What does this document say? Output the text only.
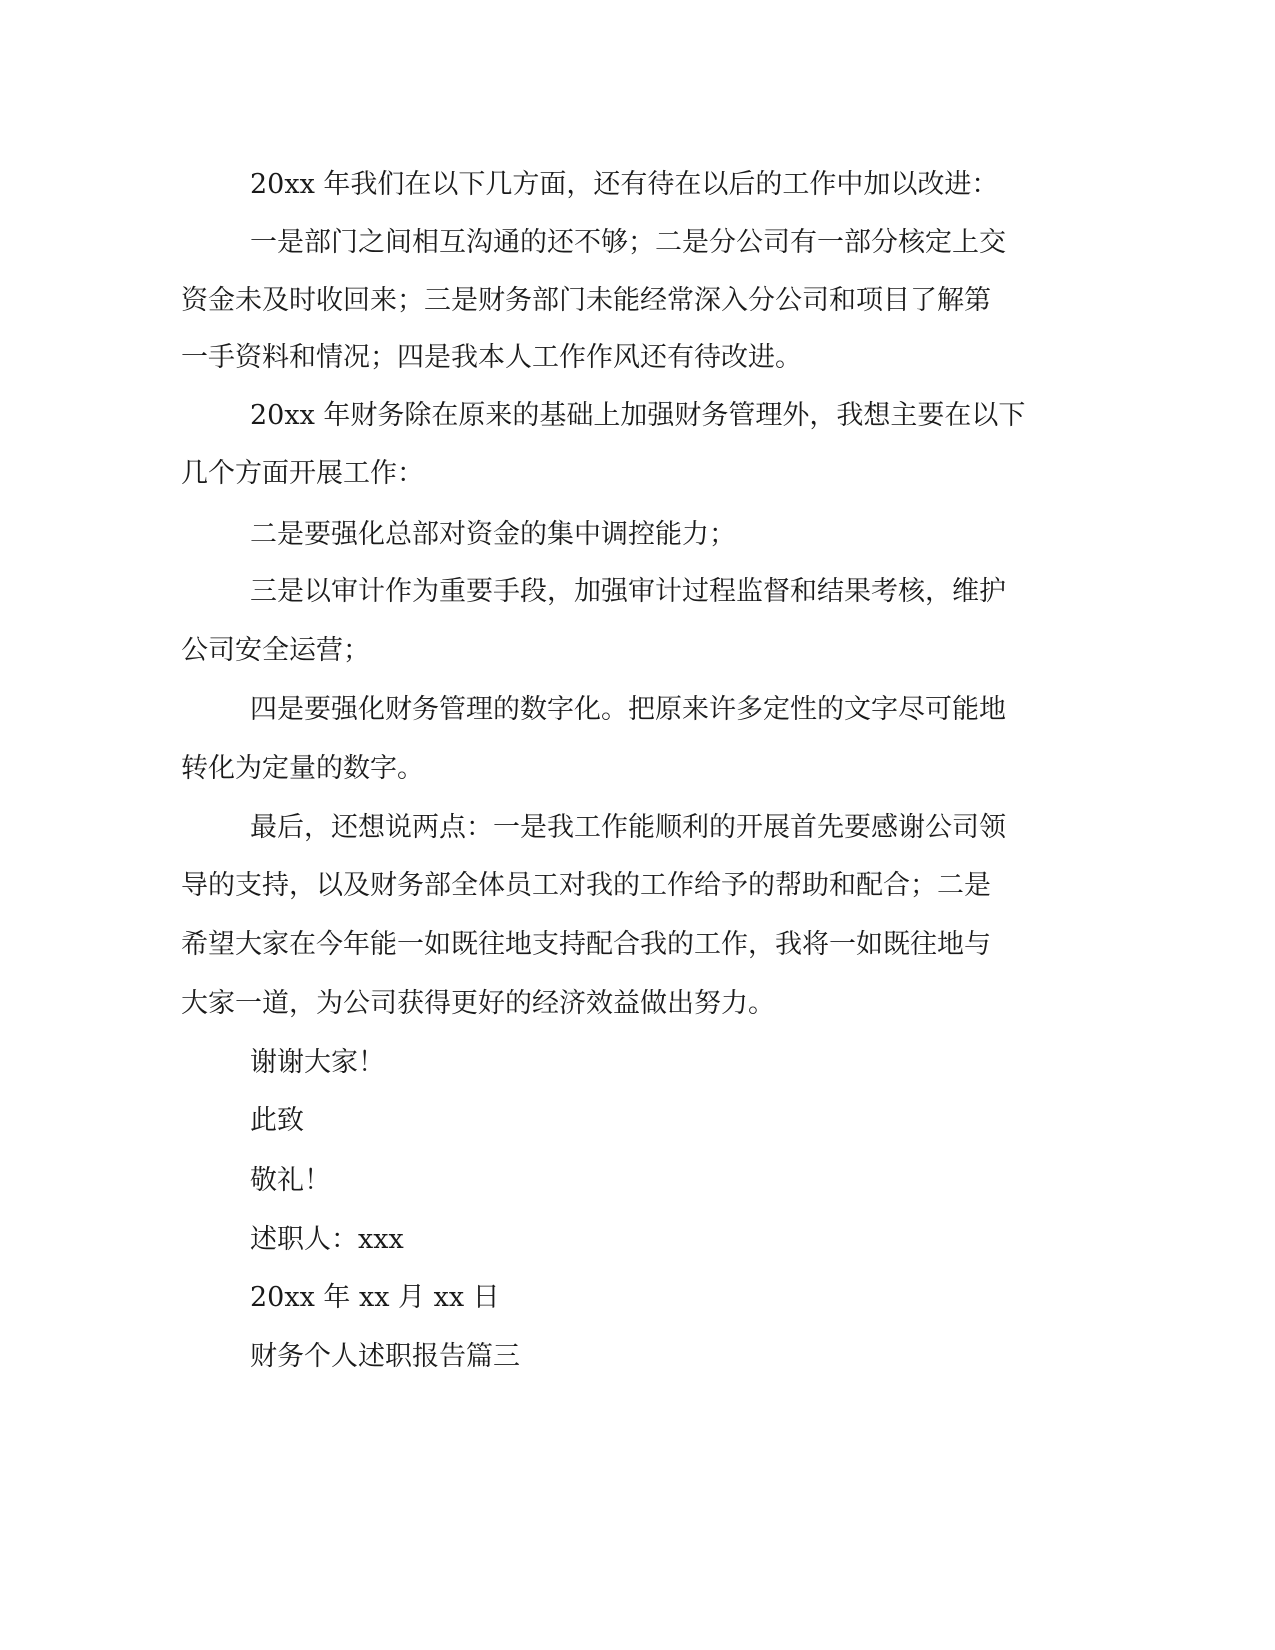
20xx 年我们在以下几方面，还有待在以后的工作中加以改进：
一是部门之间相互沟通的还不够；二是分公司有一部分核定上交
资金未及时收回来；三是财务部门未能经常深入分公司和项目了解第
一手资料和情况；四是我本人工作作风还有待改进。
20xx 年财务除在原来的基础上加强财务管理外，我想主要在以下
几个方面开展工作：
二是要强化总部对资金的集中调控能力；
三是以审计作为重要手段，加强审计过程监督和结果考核，维护
公司安全运营；
四是要强化财务管理的数字化。把原来许多定性的文字尽可能地
转化为定量的数字。
最后，还想说两点：一是我工作能顺利的开展首先要感谢公司领
导的支持，以及财务部全体员工对我的工作给予的帮助和配合；二是
希望大家在今年能一如既往地支持配合我的工作，我将一如既往地与
大家一道，为公司获得更好的经济效益做出努力。
谢谢大家！
此致
敬礼！
述职人：xxx
20xx 年 xx 月 xx 日
财务个人述职报告篇三
